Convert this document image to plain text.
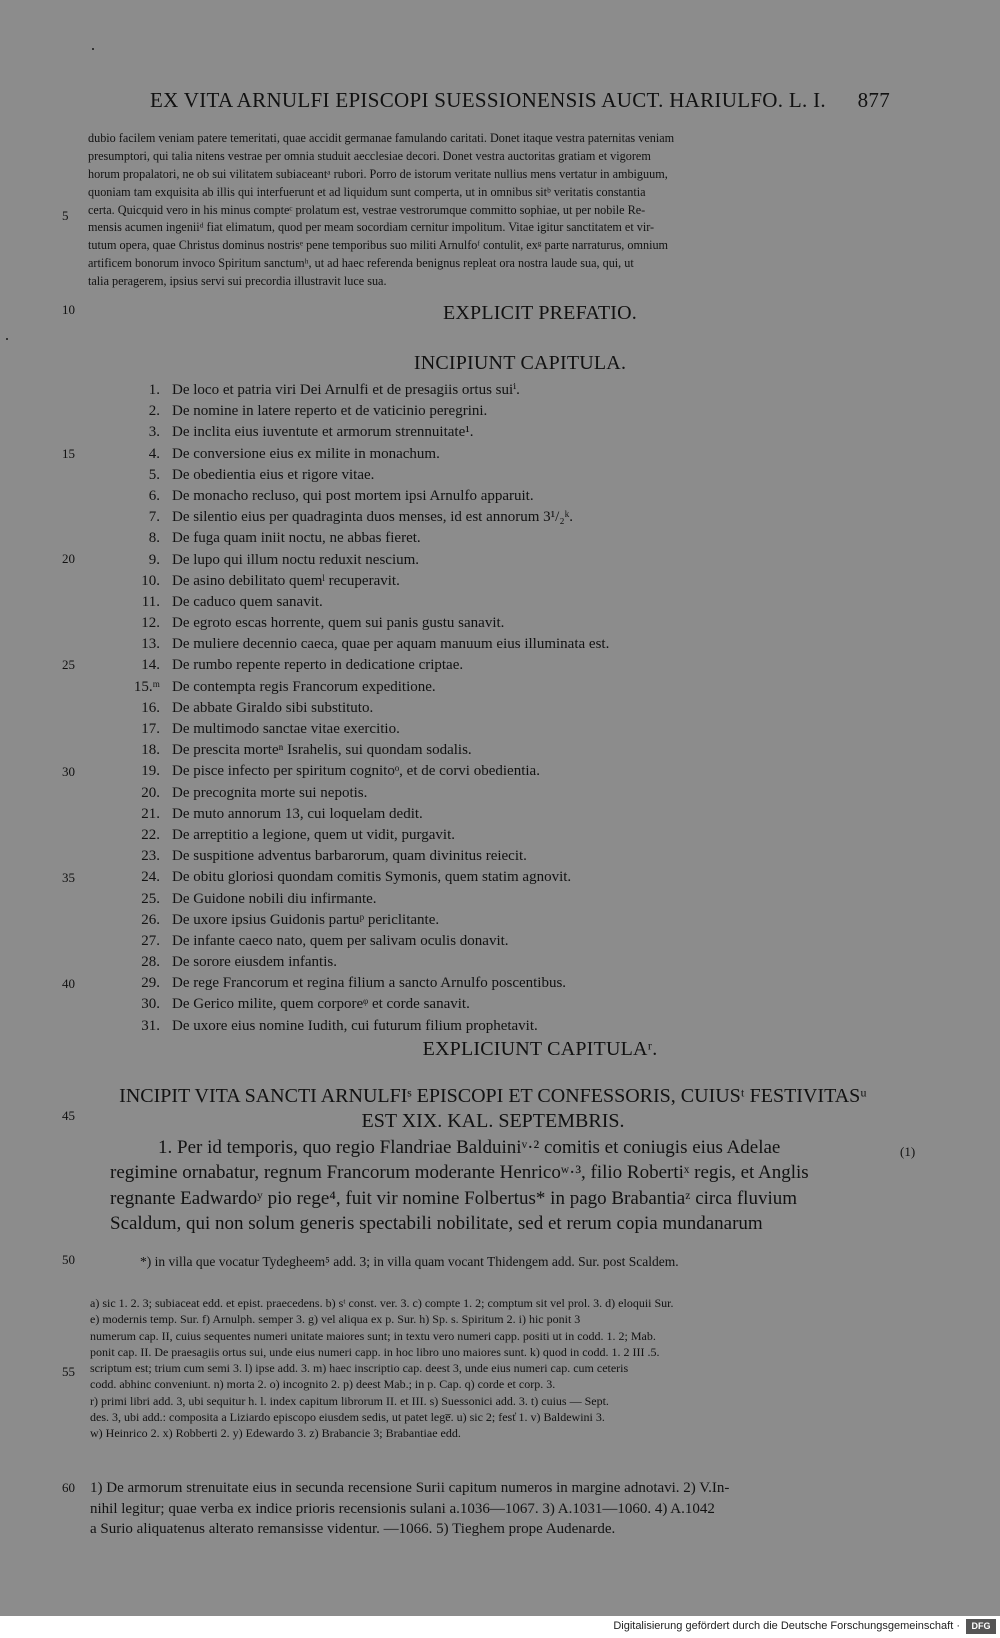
EX VITA ARNULFI EPISCOPI SUESSIONENSIS AUCT. HARIULFO. L. I. 877
dubio facilem veniam patere temeritati, quae accidit germanae famulando caritati. Donet itaque vestra paternitas veniam
presumptori, qui talia nitens vestrae per omnia studuit aecclesiae decori. Donet vestra auctoritas gratiam et vigorem
horum propalatori, ne ob sui vilitatem subiaceantᵃ rubori. Porro de istorum veritate nullius mens vertatur in ambiguum,
quoniam tam exquisita ab illis qui interfuerunt et ad liquidum sunt comperta, ut in omnibus sitᵇ veritatis constantia
certa. Quicquid vero in his minus compteᶜ prolatum est, vestrae vestrorumque committo sophiae, ut per nobile Re-
mensis acumen ingeniiᵈ fiat elimatum, quod per meam socordiam cernitur impolitum. Vitae igitur sanctitatem et vir-
tutum opera, quae Christus dominus nostrisᵉ pene temporibus suo militi Arnulfoᶠ contulit, exᵍ parte narraturus, omnium
artificem bonorum invoco Spiritum sanctumʰ, ut ad haec referenda benignus repleat ora nostra laude sua, qui, ut
talia peragerem, ipsius servi sui precordia illustravit luce sua.
5
10
15
20
25
30
35
40
45
50
55
60
EXPLICIT PREFATIO.
INCIPIUNT CAPITULA.
1. De loco et patria viri Dei Arnulfi et de presagiis ortus suiⁱ.
2. De nomine in latere reperto et de vaticinio peregrini.
3. De inclita eius iuventute et armorum strennuitate¹.
4. De conversione eius ex milite in monachum.
5. De obedientia eius et rigore vitae.
6. De monacho recluso, qui post mortem ipsi Arnulfo apparuit.
7. De silentio eius per quadraginta duos menses, id est annorum 3¹/₂ᵏ.
8. De fuga quam iniit noctu, ne abbas fieret.
9. De lupo qui illum noctu reduxit nescium.
10. De asino debilitato quemˡ recuperavit.
11. De caduco quem sanavit.
12. De egroto escas horrente, quem sui panis gustu sanavit.
13. De muliere decennio caeca, quae per aquam manuum eius illuminata est.
14. De rumbo repente reperto in dedicatione criptae.
15.ᵐ De contempta regis Francorum expeditione.
16. De abbate Giraldo sibi substituto.
17. De multimodo sanctae vitae exercitio.
18. De prescita morteⁿ Israhelis, sui quondam sodalis.
19. De pisce infecto per spiritum cognitoᵒ, et de corvi obedientia.
20. De precognita morte sui nepotis.
21. De muto annorum 13, cui loquelam dedit.
22. De arreptitio a legione, quem ut vidit, purgavit.
23. De suspitione adventus barbarorum, quam divinitus reiecit.
24. De obitu gloriosi quondam comitis Symonis, quem statim agnovit.
25. De Guidone nobili diu infirmante.
26. De uxore ipsius Guidonis partuᵖ periclitante.
27. De infante caeco nato, quem per salivam oculis donavit.
28. De sorore eiusdem infantis.
29. De rege Francorum et regina filium a sancto Arnulfo poscentibus.
30. De Gerico milite, quem corporeᵠ et corde sanavit.
31. De uxore eius nomine Iudith, cui futurum filium prophetavit.
EXPLICIUNT CAPITULAʳ.
INCIPIT VITA SANCTI ARNULFIˢ EPISCOPI ET CONFESSORIS, CUIUSᵗ FESTIVITASᵘ
EST XIX. KAL. SEPTEMBRIS.
1. Per id temporis, quo regio Flandriae Balduiniᵛ·² comitis et coniugis eius Adelae
regimine ornabatur, regnum Francorum moderante Henricoʷ·³, filio Robertiˣ regis, et Anglis
regnante Eadwardoʸ pio rege⁴, fuit vir nomine Folbertus* in pago Brabantiaᶻ circa fluvium
Scaldum, qui non solum generis spectabili nobilitate, sed et rerum copia mundanarum
(1)
*) in villa que vocatur Tydegheem⁵ add. 3; in villa quam vocant Thidengem add. Sur. post Scaldem.
a) sic 1. 2. 3; subiaceat edd. et epist. praecedens. b) sᵗ const. ver. 3. c) compte 1. 2; comptum sit vel prol. 3. d) eloquii Sur.
e) modernis temp. Sur. f) Arnulph. semper 3. g) vel aliqua ex p. Sur. h) Sp. s. Spiritum 2. i) hic ponit 3
numerum cap. II, cuius sequentes numeri unitate maiores sunt; in textu vero numeri capp. positi ut in codd. 1. 2; Mab.
ponit cap. II. De praesagiis ortus sui, unde eius numeri capp. in hoc libro uno maiores sunt. k) quod in codd. 1. 2 III .5.
scriptum est; trium cum semi 3. l) ipse add. 3. m) haec inscriptio cap. deest 3, unde eius numeri cap. cum ceteris
codd. abhinc conveniunt. n) morta 2. o) incognito 2. p) deest Mab.; in p. Cap. q) corde et corp. 3.
r) primi libri add. 3, ubi sequitur h. l. index capitum librorum II. et III. s) Suessonici add. 3. t) cuius — Sept.
des. 3, ubi add.: composita a Liziardo episcopo eiusdem sedis, ut patet lege̅. u) sic 2; fest̓ 1. v) Baldewini 3.
w) Heinrico 2. x) Robberti 2. y) Edewardo 3. z) Brabancie 3; Brabantiae edd.
1) De armorum strenuitate eius in secunda recensione Surii capitum numeros in margine adnotavi. 2) V.In-
nihil legitur; quae verba ex indice prioris recensionis sulani a.1036—1067. 3) A.1031—1060. 4) A.1042
a Surio aliquatenus alterato remansisse videntur. —1066. 5) Tieghem prope Audenarde.
Digitalisierung gefördert durch die Deutsche Forschungsgemeinschaft ·	DFG
